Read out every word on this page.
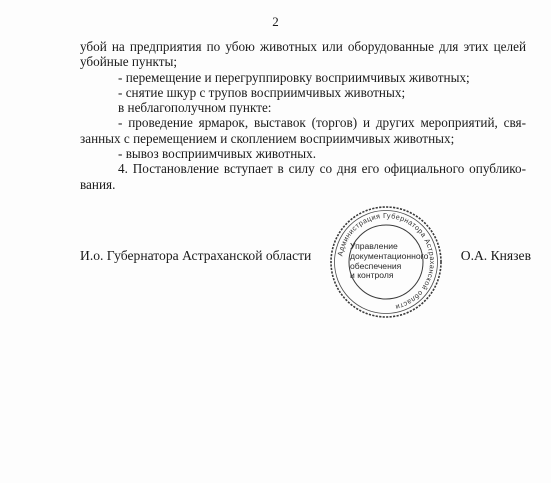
2
убой на предприятия по убою животных или оборудованные для этих целей
убойные пункты;
- перемещение и перегруппировку восприимчивых животных;
- снятие шкур с трупов восприимчивых животных;
в неблагополучном пункте:
- проведение ярмарок, выставок (торгов) и других мероприятий, свя-
занных с перемещением и скоплением восприимчивых животных;
- вывоз восприимчивых животных.
4. Постановление вступает в силу со дня его официального опублико-
вания.
И.о. Губернатора Астраханской области	О.А. Князев
Администрация Губернатора Астраханской области
Управление
документационного
обеспечения
и контроля
